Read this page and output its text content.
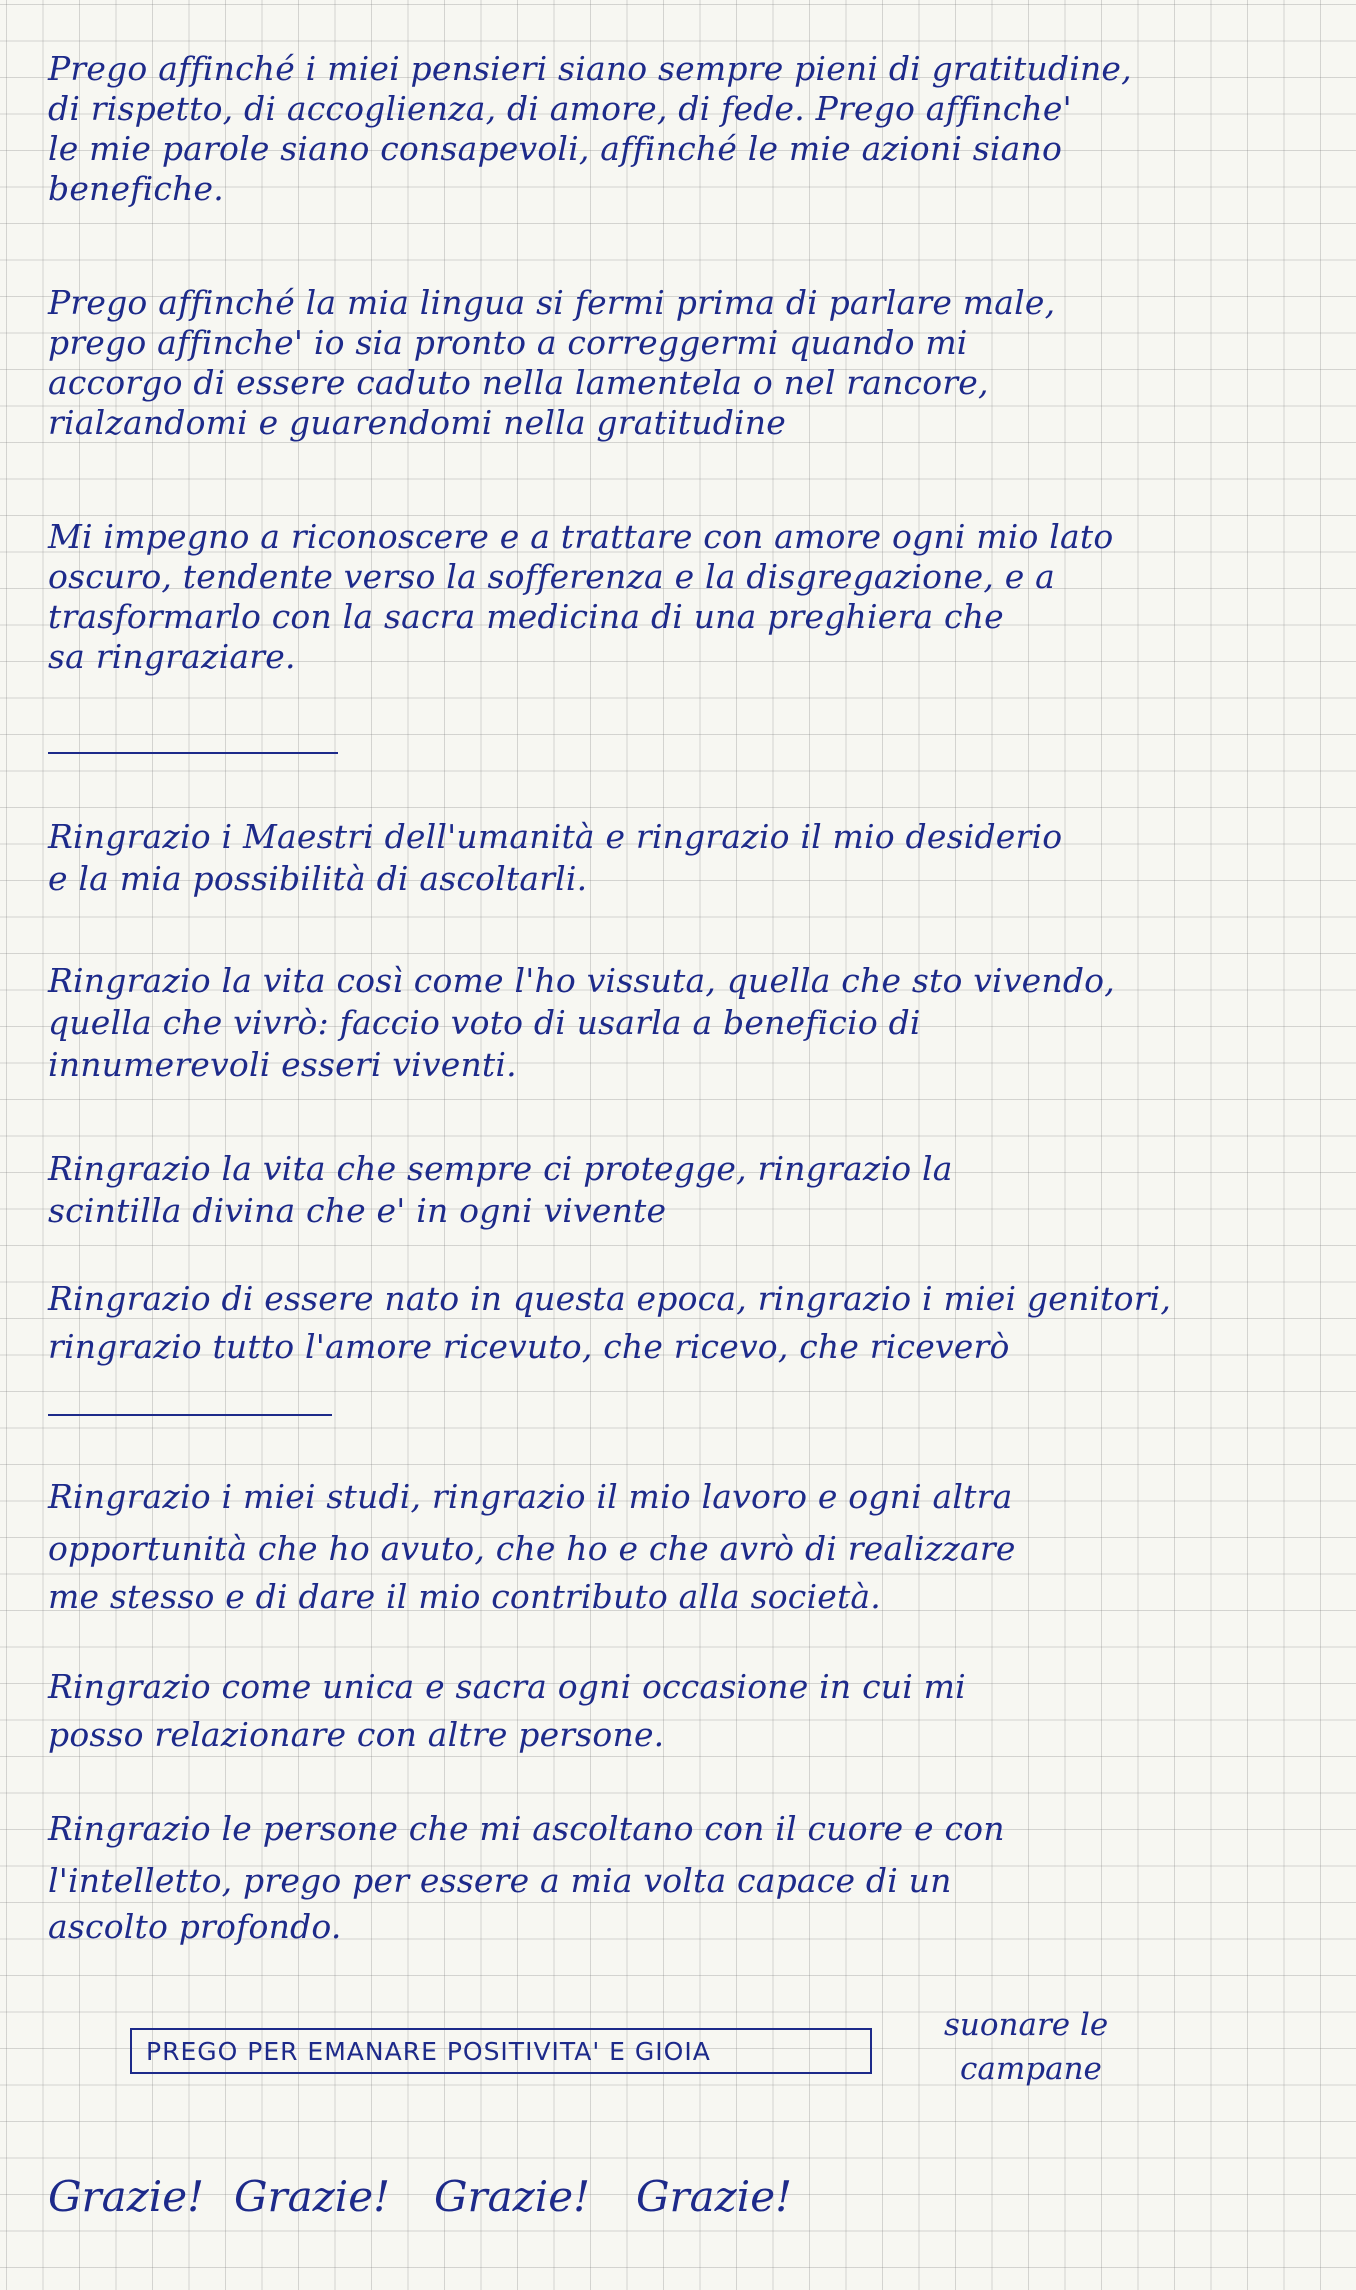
Prego affinché i miei pensieri siano sempre pieni di gratitudine,
di rispetto, di accoglienza, di amore, di fede. Prego affinche'
le mie parole siano consapevoli, affinché le mie azioni siano
benefiche.
Prego affinché la mia lingua si fermi prima di parlare male,
prego affinche' io sia pronto a correggermi quando mi
accorgo di essere caduto nella lamentela o nel rancore,
rialzandomi e guarendomi nella gratitudine
Mi impegno a riconoscere e a trattare con amore ogni mio lato
oscuro, tendente verso la sofferenza e la disgregazione, e a
trasformarlo con la sacra medicina di una preghiera che
sa ringraziare.
Ringrazio i Maestri dell'umanità e ringrazio il mio desiderio
e la mia possibilità di ascoltarli.
Ringrazio la vita così come l'ho vissuta, quella che sto vivendo,
quella che vivrò: faccio voto di usarla a beneficio di
innumerevoli esseri viventi.
Ringrazio la vita che sempre ci protegge, ringrazio la
scintilla divina che e' in ogni vivente
Ringrazio di essere nato in questa epoca, ringrazio i miei genitori,
ringrazio tutto l'amore ricevuto, che ricevo, che riceverò
Ringrazio i miei studi, ringrazio il mio lavoro e ogni altra
opportunità che ho avuto, che ho e che avrò di realizzare
me stesso e di dare il mio contributo alla società.
Ringrazio come unica e sacra ogni occasione in cui mi
posso relazionare con altre persone.
Ringrazio le persone che mi ascoltano con il cuore e con
l'intelletto, prego per essere a mia volta capace di un
ascolto profondo.
PREGO PER EMANARE POSITIVITA' E GIOIA
suonare le
campane
Grazie! Grazie! Grazie! Grazie!
